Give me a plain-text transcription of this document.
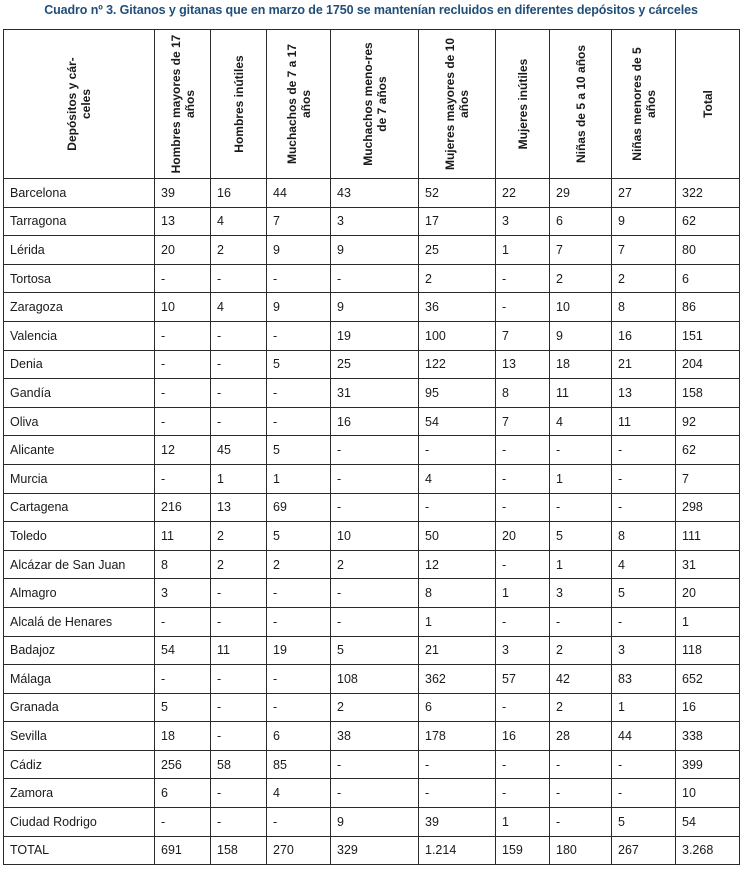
Cuadro nº 3. Gitanos y gitanas que en marzo de 1750 se mantenían recluidos en diferentes depósitos y cárceles
Depósitos y cár-
celes	Hombres mayores de 17 años	Hombres inútiles	Muchachos de 7 a 17 años	Muchachos meno-res de 7 años	Mujeres mayores de 10 años	Mujeres inútiles	Niñas de 5 a 10 años	Niñas menores de 5 años	Total

Barcelona	39	16	44	43	52	22	29	27	322
Tarragona	13	4	7	3	17	3	6	9	62
Lérida	20	2	9	9	25	1	7	7	80
Tortosa	-	-	-	-	2	-	2	2	6
Zaragoza	10	4	9	9	36	-	10	8	86
Valencia	-	-	-	19	100	7	9	16	151
Denia	-	-	5	25	122	13	18	21	204
Gandía	-	-	-	31	95	8	11	13	158
Oliva	-	-	-	16	54	7	4	11	92
Alicante	12	45	5	-	-	-	-	-	62
Murcia	-	1	1	-	4	-	1	-	7
Cartagena	216	13	69	-	-	-	-	-	298
Toledo	11	2	5	10	50	20	5	8	111
Alcázar de San Juan	8	2	2	2	12	-	1	4	31
Almagro	3	-	-	-	8	1	3	5	20
Alcalá de Henares	-	-	-	-	1	-	-	-	1
Badajoz	54	11	19	5	21	3	2	3	118
Málaga	-	-	-	108	362	57	42	83	652
Granada	5	-	-	2	6	-	2	1	16
Sevilla	18	-	6	38	178	16	28	44	338
Cádiz	256	58	85	-	-	-	-	-	399
Zamora	6	-	4	-	-	-	-	-	10
Ciudad Rodrigo	-	-	-	9	39	1	-	5	54
TOTAL	691	158	270	329	1.214	159	180	267	3.268
